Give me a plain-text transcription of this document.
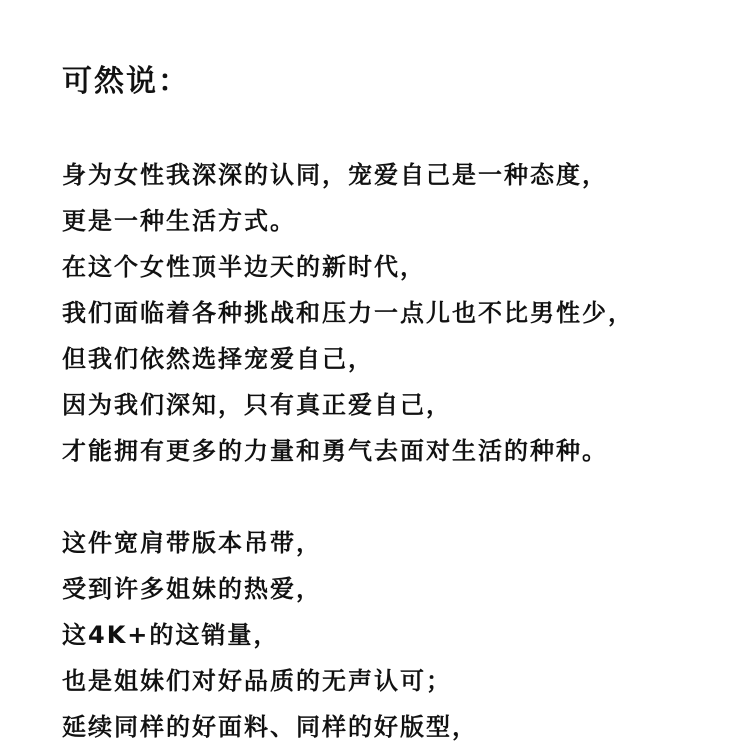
可然说：
身为女性我深深的认同，宠爱自己是一种态度，
更是一种生活方式。
在这个女性顶半边天的新时代，
我们面临着各种挑战和压力一点儿也不比男性少，
但我们依然选择宠爱自己，
因为我们深知，只有真正爱自己，
才能拥有更多的力量和勇气去面对生活的种种。
这件宽肩带版本吊带，
受到许多姐妹的热爱，
这4K+的这销量，
也是姐妹们对好品质的无声认可；
延续同样的好面料、同样的好版型，
